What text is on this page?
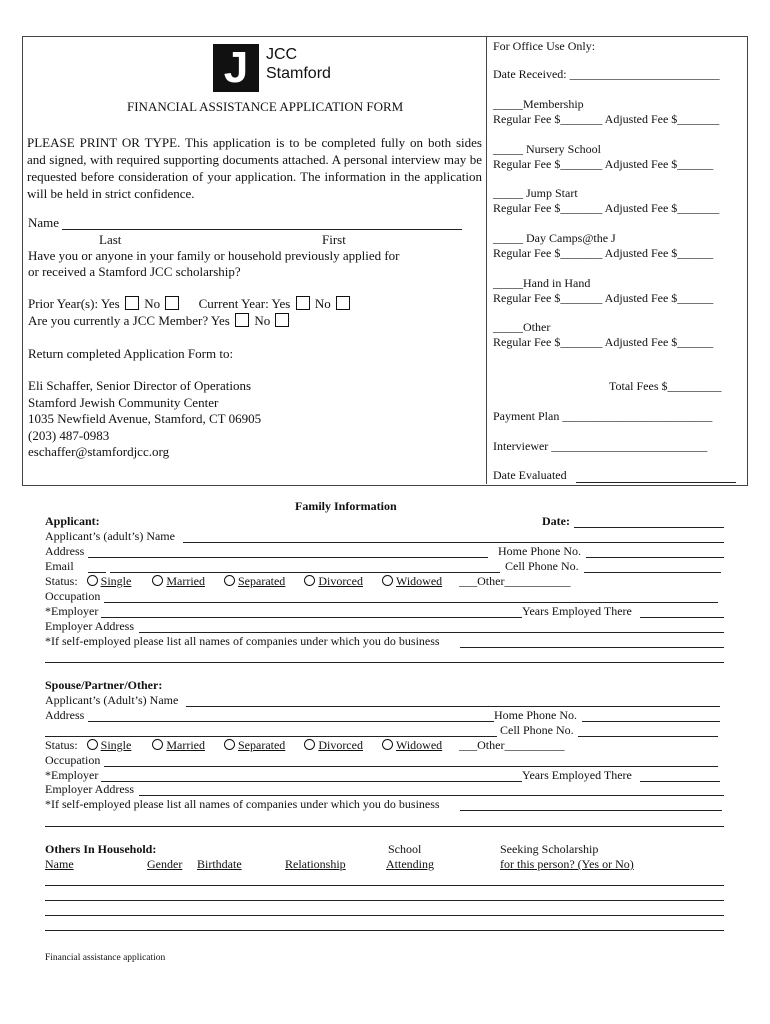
J	JCC
Stamford
FINANCIAL ASSISTANCE APPLICATION FORM
PLEASE PRINT OR TYPE. This application is to be completed fully on both sides and signed, with required supporting documents attached. A personal interview may be requested before consideration of your application. The information in the application will be held in strict confidence.
Name
Last	First
Have you or anyone in your family or household previously applied for
or received a Stamford JCC scholarship?
Prior Year(s): Yes No	Current Year: Yes No
Are you currently a JCC Member? Yes No
Return completed Application Form to:
Eli Schaffer, Senior Director of Operations
Stamford Jewish Community Center
1035 Newfield Avenue, Stamford, CT 06905
(203) 487-0983
eschaffer@stamfordjcc.org
For Office Use Only:
Date Received: _________________________
_____Membership
Regular Fee $_______ Adjusted Fee $_______
_____ Nursery School
Regular Fee $_______ Adjusted Fee $______
_____ Jump Start
Regular Fee $_______ Adjusted Fee $_______
_____ Day Camps@the J
Regular Fee $_______ Adjusted Fee $______
_____Hand in Hand
Regular Fee $_______ Adjusted Fee $______
_____Other
Regular Fee $_______ Adjusted Fee $______
Total Fees $_________
Payment Plan _________________________
Interviewer __________________________
Date Evaluated
Family Information
Applicant:	Date:
Applicant’s (adult’s) Name
Address	Home Phone No.
Email	Cell Phone No.
Status: Single	Married	Separated	Divorced	Widowed ___Other___________
Occupation
*Employer	Years Employed There
Employer Address
*If self-employed please list all names of companies under which you do business
Spouse/Partner/Other:
Applicant’s (Adult’s) Name
Address	Home Phone No.
Cell Phone No.
Status: Single	Married	Separated	Divorced	Widowed ___Other__________
Occupation
*Employer	Years Employed There
Employer Address
*If self-employed please list all names of companies under which you do business
Others In Household:	School	Seeking Scholarship
Name	Gender Birthdate	Relationship	Attending	for this person? (Yes or No)
Financial assistance application
